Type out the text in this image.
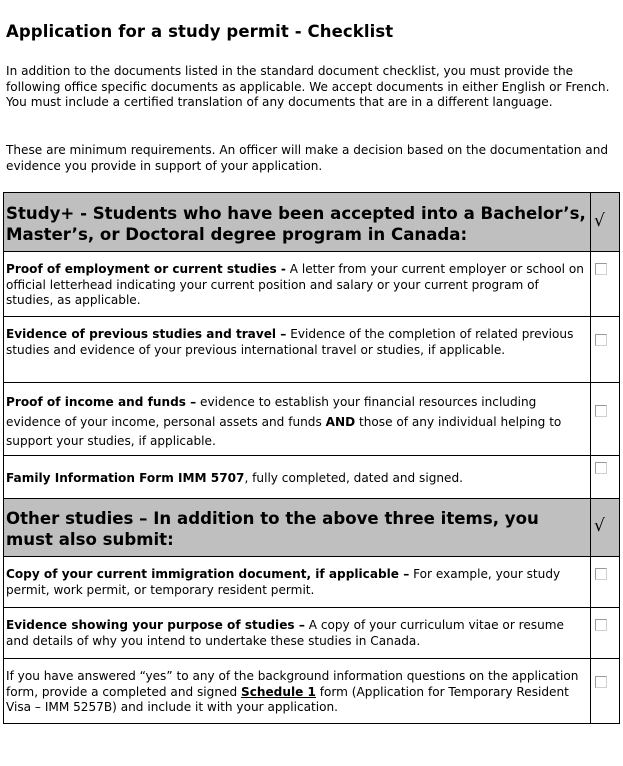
Application for a study permit - Checklist
In addition to the documents listed in the standard document checklist, you must provide the following office specific documents as applicable. We accept documents in either English or French. You must include a certified translation of any documents that are in a different language.
These are minimum requirements. An officer will make a decision based on the documentation and evidence you provide in support of your application.
Study+ - Students who have been accepted into a Bachelor’s, Master’s, or Doctoral degree program in Canada:	√
Proof of employment or current studies - A letter from your current employer or school on official letterhead indicating your current position and salary or your current program of studies, as applicable.	

Evidence of previous studies and travel – Evidence of the completion of related previous studies and evidence of your previous international travel or studies, if applicable.	

Proof of income and funds – evidence to establish your financial resources including evidence of your income, personal assets and funds AND those of any individual helping to support your studies, if applicable.	

Family Information Form IMM 5707, fully completed, dated and signed.	

Other studies – In addition to the above three items, you must also submit:	√
Copy of your current immigration document, if applicable – For example, your study permit, work permit, or temporary resident permit.	

Evidence showing your purpose of studies – A copy of your curriculum vitae or resume and details of why you intend to undertake these studies in Canada.	

If you have answered “yes” to any of the background information questions on the application form, provide a completed and signed Schedule 1 form (Application for Temporary Resident Visa – IMM 5257B) and include it with your application.	
